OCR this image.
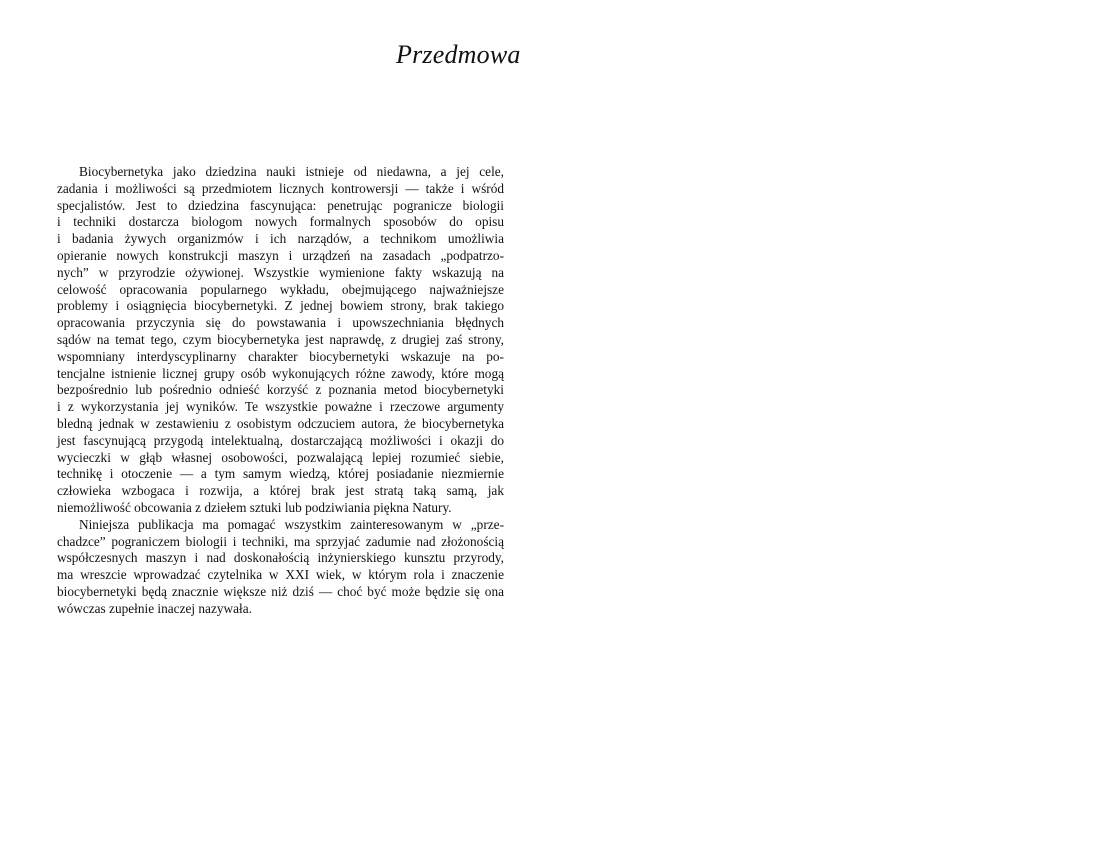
Przedmowa
Biocybernetyka jako dziedzina nauki istnieje od niedawna, a jej cele,
zadania i możliwości są przedmiotem licznych kontrowersji — także i wśród
specjalistów. Jest to dziedzina fascynująca: penetrując pogranicze biologii
i techniki dostarcza biologom nowych formalnych sposobów do opisu
i badania żywych organizmów i ich narządów, a technikom umożliwia
opieranie nowych konstrukcji maszyn i urządzeń na zasadach „podpatrzo-
nych” w przyrodzie ożywionej. Wszystkie wymienione fakty wskazują na
celowość opracowania popularnego wykładu, obejmującego najważniejsze
problemy i osiągnięcia biocybernetyki. Z jednej bowiem strony, brak takiego
opracowania przyczynia się do powstawania i upowszechniania błędnych
sądów na temat tego, czym biocybernetyka jest naprawdę, z drugiej zaś strony,
wspomniany interdyscyplinarny charakter biocybernetyki wskazuje na po-
tencjalne istnienie licznej grupy osób wykonujących różne zawody, które mogą
bezpośrednio lub pośrednio odnieść korzyść z poznania metod biocybernetyki
i z wykorzystania jej wyników. Te wszystkie poważne i rzeczowe argumenty
bledną jednak w zestawieniu z osobistym odczuciem autora, że biocybernetyka
jest fascynującą przygodą intelektualną, dostarczającą możliwości i okazji do
wycieczki w głąb własnej osobowości, pozwalającą lepiej rozumieć siebie,
technikę i otoczenie — a tym samym wiedzą, której posiadanie niezmiernie
człowieka wzbogaca i rozwija, a której brak jest stratą taką samą, jak
niemożliwość obcowania z dziełem sztuki lub podziwiania piękna Natury.
Niniejsza publikacja ma pomagać wszystkim zainteresowanym w „prze-
chadzce” pograniczem biologii i techniki, ma sprzyjać zadumie nad złożonością
współczesnych maszyn i nad doskonałością inżynierskiego kunsztu przyrody,
ma wreszcie wprowadzać czytelnika w XXI wiek, w którym rola i znaczenie
biocybernetyki będą znacznie większe niż dziś — choć być może będzie się ona
wówczas zupełnie inaczej nazywała.
